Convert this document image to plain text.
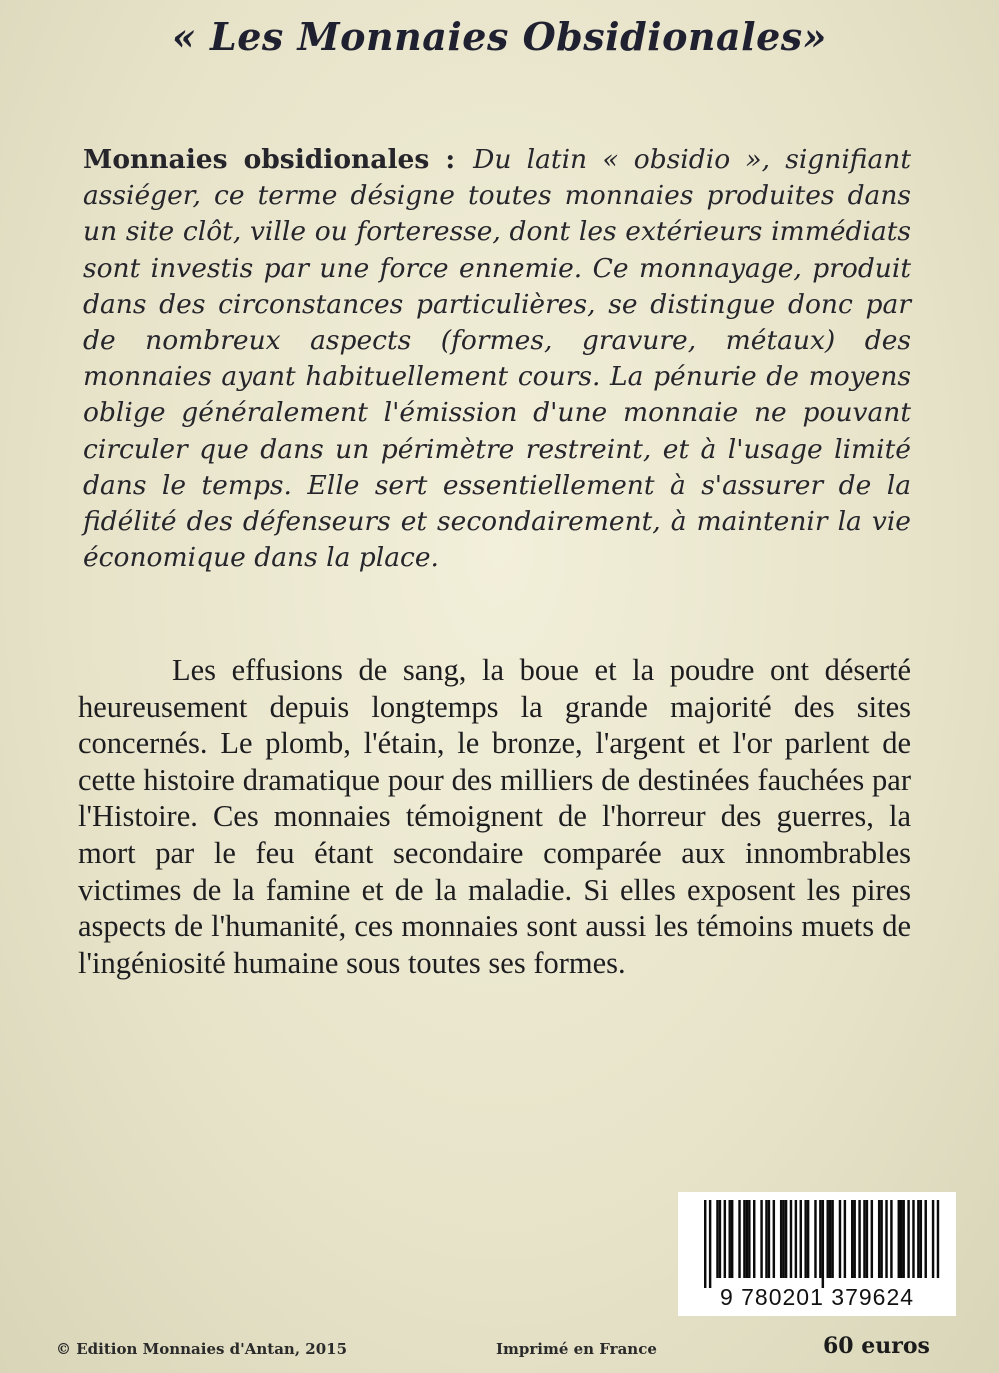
« Les Monnaies Obsidionales»

Monnaies obsidionales : Du latin « obsidio », signifiant assiéger, ce terme désigne toutes monnaies produites dans un site clôt, ville ou forteresse, dont les extérieurs immédiats sont investis par une force ennemie. Ce monnayage, produit dans des circonstances particulières, se distingue donc par de nombreux aspects (formes, gravure, métaux) des monnaies ayant habituellement cours. La pénurie de moyens oblige généralement l'émission d'une monnaie ne pouvant circuler que dans un périmètre restreint, et à l'usage limité dans le temps. Elle sert essentiellement à s'assurer de la fidélité des défenseurs et secondairement, à maintenir la vie économique dans la place.

Les effusions de sang, la boue et la poudre ont déserté heureusement depuis longtemps la grande majorité des sites concernés. Le plomb, l'étain, le bronze, l'argent et l'or parlent de cette histoire dramatique pour des milliers de destinées fauchées par l'Histoire. Ces monnaies témoignent de l'horreur des guerres, la mort par le feu étant secondaire comparée aux innombrables victimes de la famine et de la maladie. Si elles exposent les pires aspects de l'humanité, ces monnaies sont aussi les témoins muets de l'ingéniosité humaine sous toutes ses formes.

9 780201 379624
© Edition Monnaies d'Antan, 2015	Imprimé en France	60 euros
